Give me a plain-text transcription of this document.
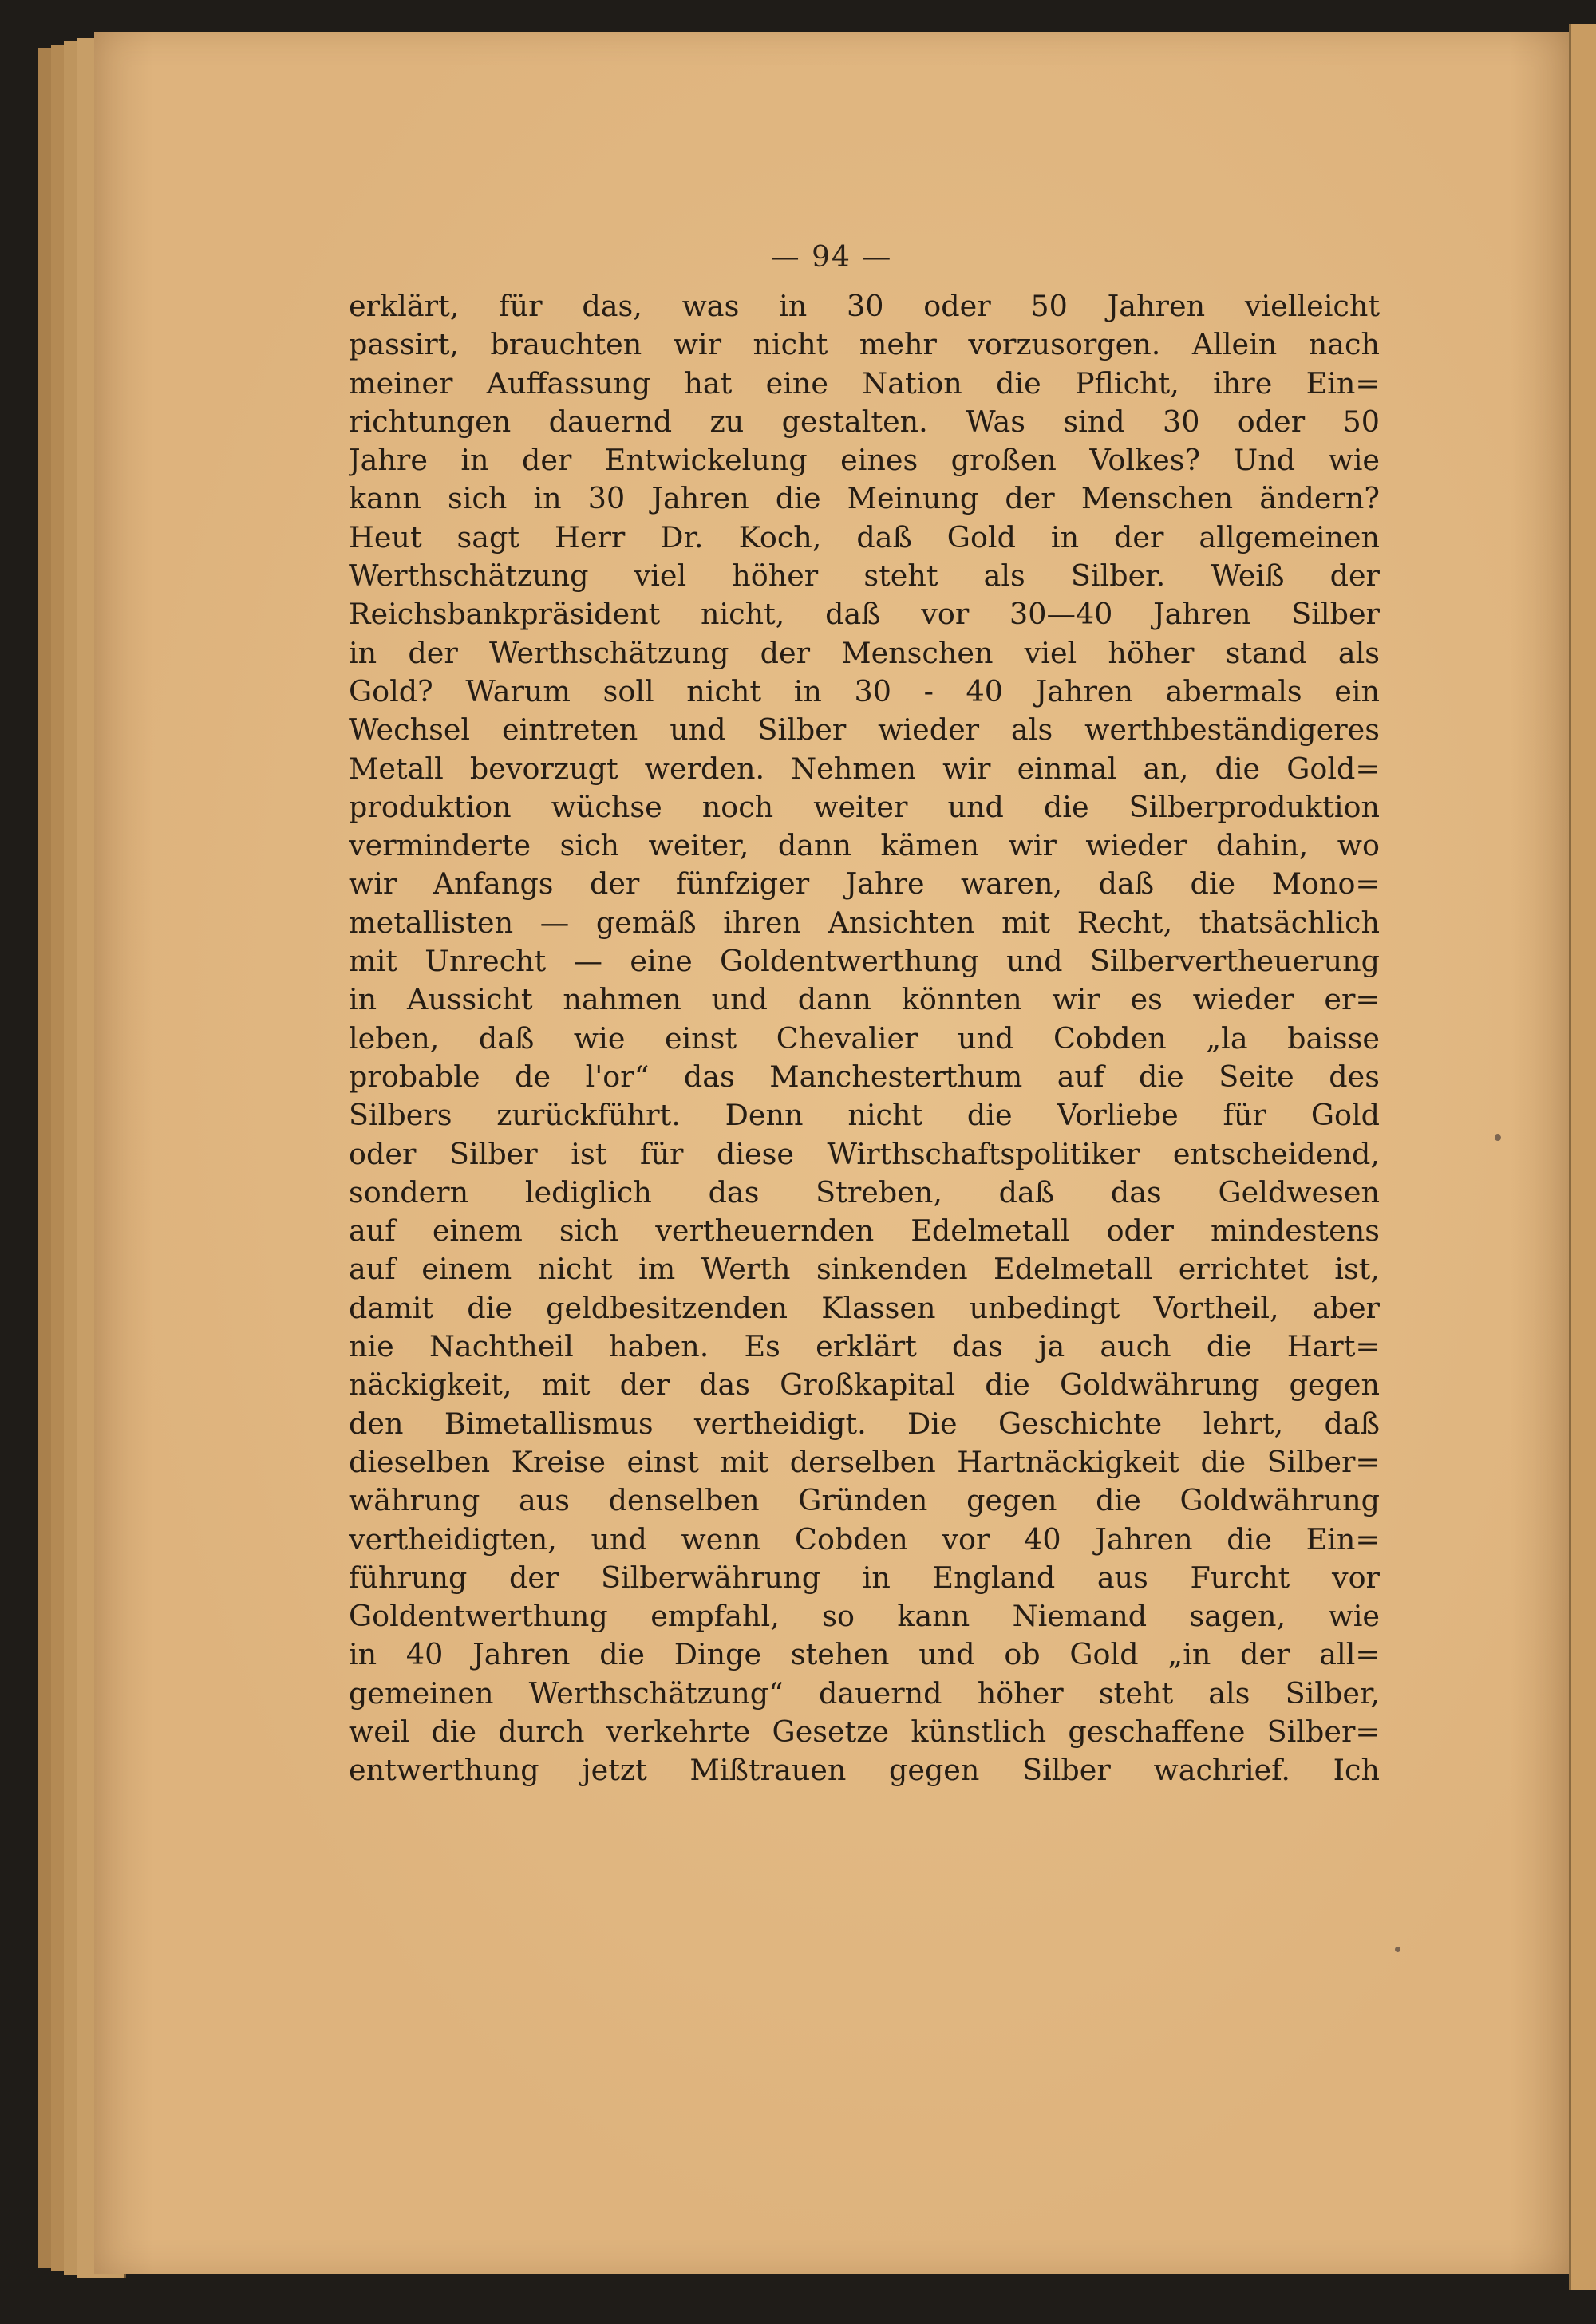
— 94 —
erklärt, für das, was in 30 oder 50 Jahren vielleicht
passirt, brauchten wir nicht mehr vorzusorgen. Allein nach
meiner Auffassung hat eine Nation die Pflicht, ihre Ein=
richtungen dauernd zu gestalten. Was sind 30 oder 50
Jahre in der Entwickelung eines großen Volkes? Und wie
kann sich in 30 Jahren die Meinung der Menschen ändern?
Heut sagt Herr Dr. Koch, daß Gold in der allgemeinen
Werthschätzung viel höher steht als Silber. Weiß der
Reichsbankpräsident nicht, daß vor 30—40 Jahren Silber
in der Werthschätzung der Menschen viel höher stand als
Gold? Warum soll nicht in 30 - 40 Jahren abermals ein
Wechsel eintreten und Silber wieder als werthbeständigeres
Metall bevorzugt werden. Nehmen wir einmal an, die Gold=
produktion wüchse noch weiter und die Silberproduktion
verminderte sich weiter, dann kämen wir wieder dahin, wo
wir Anfangs der fünfziger Jahre waren, daß die Mono=
metallisten — gemäß ihren Ansichten mit Recht, thatsächlich
mit Unrecht — eine Goldentwerthung und Silbervertheuerung
in Aussicht nahmen und dann könnten wir es wieder er=
leben, daß wie einst Chevalier und Cobden „la baisse
probable de l'or“ das Manchesterthum auf die Seite des
Silbers zurückführt. Denn nicht die Vorliebe für Gold
oder Silber ist für diese Wirthschaftspolitiker entscheidend,
sondern lediglich das Streben, daß das Geldwesen
auf einem sich vertheuernden Edelmetall oder mindestens
auf einem nicht im Werth sinkenden Edelmetall errichtet ist,
damit die geldbesitzenden Klassen unbedingt Vortheil, aber
nie Nachtheil haben. Es erklärt das ja auch die Hart=
näckigkeit, mit der das Großkapital die Goldwährung gegen
den Bimetallismus vertheidigt. Die Geschichte lehrt, daß
dieselben Kreise einst mit derselben Hartnäckigkeit die Silber=
währung aus denselben Gründen gegen die Goldwährung
vertheidigten, und wenn Cobden vor 40 Jahren die Ein=
führung der Silberwährung in England aus Furcht vor
Goldentwerthung empfahl, so kann Niemand sagen, wie
in 40 Jahren die Dinge stehen und ob Gold „in der all=
gemeinen Werthschätzung“ dauernd höher steht als Silber,
weil die durch verkehrte Gesetze künstlich geschaffene Silber=
entwerthung jetzt Mißtrauen gegen Silber wachrief. Ich
